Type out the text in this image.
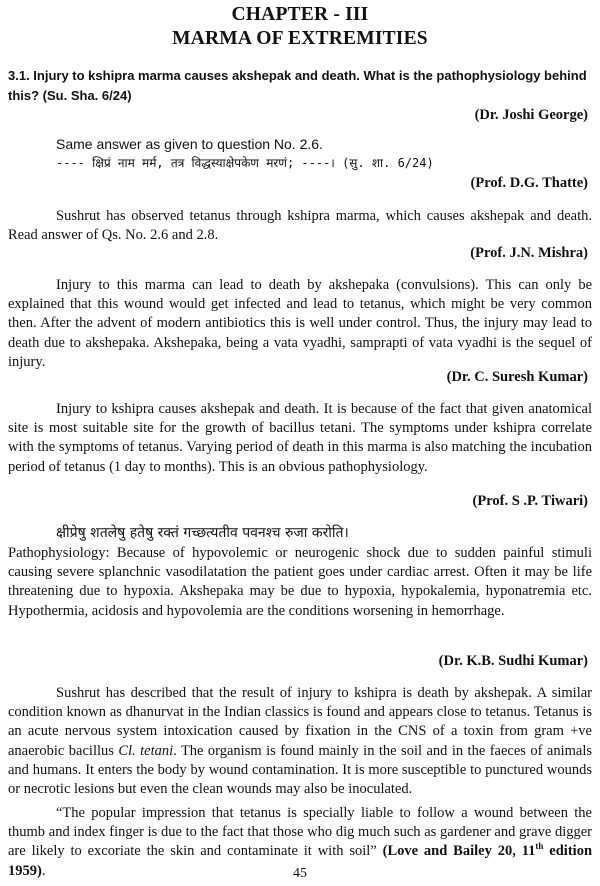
CHAPTER - III
MARMA OF EXTREMITIES
3.1. Injury to kshipra marma causes akshepak and death. What is the pathophysiology behind this? (Su. Sha. 6/24)
(Dr. Joshi George)
Same answer as given to question No. 2.6.
---- क्षिप्रं नाम मर्म, तत्र विद्धस्याक्षेपकेण मरणं; ----। (सु. शा. 6/24)
(Prof. D.G. Thatte)
Sushrut has observed tetanus through kshipra marma, which causes akshepak and death. Read answer of Qs. No. 2.6 and 2.8.
(Prof. J.N. Mishra)
Injury to this marma can lead to death by akshepaka (convulsions). This can only be explained that this wound would get infected and lead to tetanus, which might be very common then. After the advent of modern antibiotics this is well under control. Thus, the injury may lead to death due to akshepaka. Akshepaka, being a vata vyadhi, samprapti of vata vyadhi is the sequel of injury.
(Dr. C. Suresh Kumar)
Injury to kshipra causes akshepak and death. It is because of the fact that given anatomical site is most suitable site for the growth of bacillus tetani. The symptoms under kshipra correlate with the symptoms of tetanus. Varying period of death in this marma is also matching the incubation period of tetanus (1 day to months). This is an obvious pathophysiology.
(Prof. S .P. Tiwari)
क्षीप्रेषु शतलेषु हतेषु रक्तं गच्छत्यतीव पवनश्च रुजा करोति।
Pathophysiology: Because of hypovolemic or neurogenic shock due to sudden painful stimuli causing severe splanchnic vasodilatation the patient goes under cardiac arrest. Often it may be life threatening due to hypoxia. Akshepaka may be due to hypoxia, hypokalemia, hyponatremia etc. Hypothermia, acidosis and hypovolemia are the conditions worsening in hemorrhage.
(Dr. K.B. Sudhi Kumar)
Sushrut has described that the result of injury to kshipra is death by akshepak. A similar condition known as dhanurvat in the Indian classics is found and appears close to tetanus. Tetanus is an acute nervous system intoxication caused by fixation in the CNS of a toxin from gram +ve anaerobic bacillus Cl. tetani. The organism is found mainly in the soil and in the faeces of animals and humans. It enters the body by wound contamination. It is more susceptible to punctured wounds or necrotic lesions but even the clean wounds may also be inoculated.
“The popular impression that tetanus is specially liable to follow a wound between the thumb and index finger is due to the fact that those who dig much such as gardener and grave digger are likely to excoriate the skin and contaminate it with soil” (Love and Bailey 20, 11th edition 1959).	45
